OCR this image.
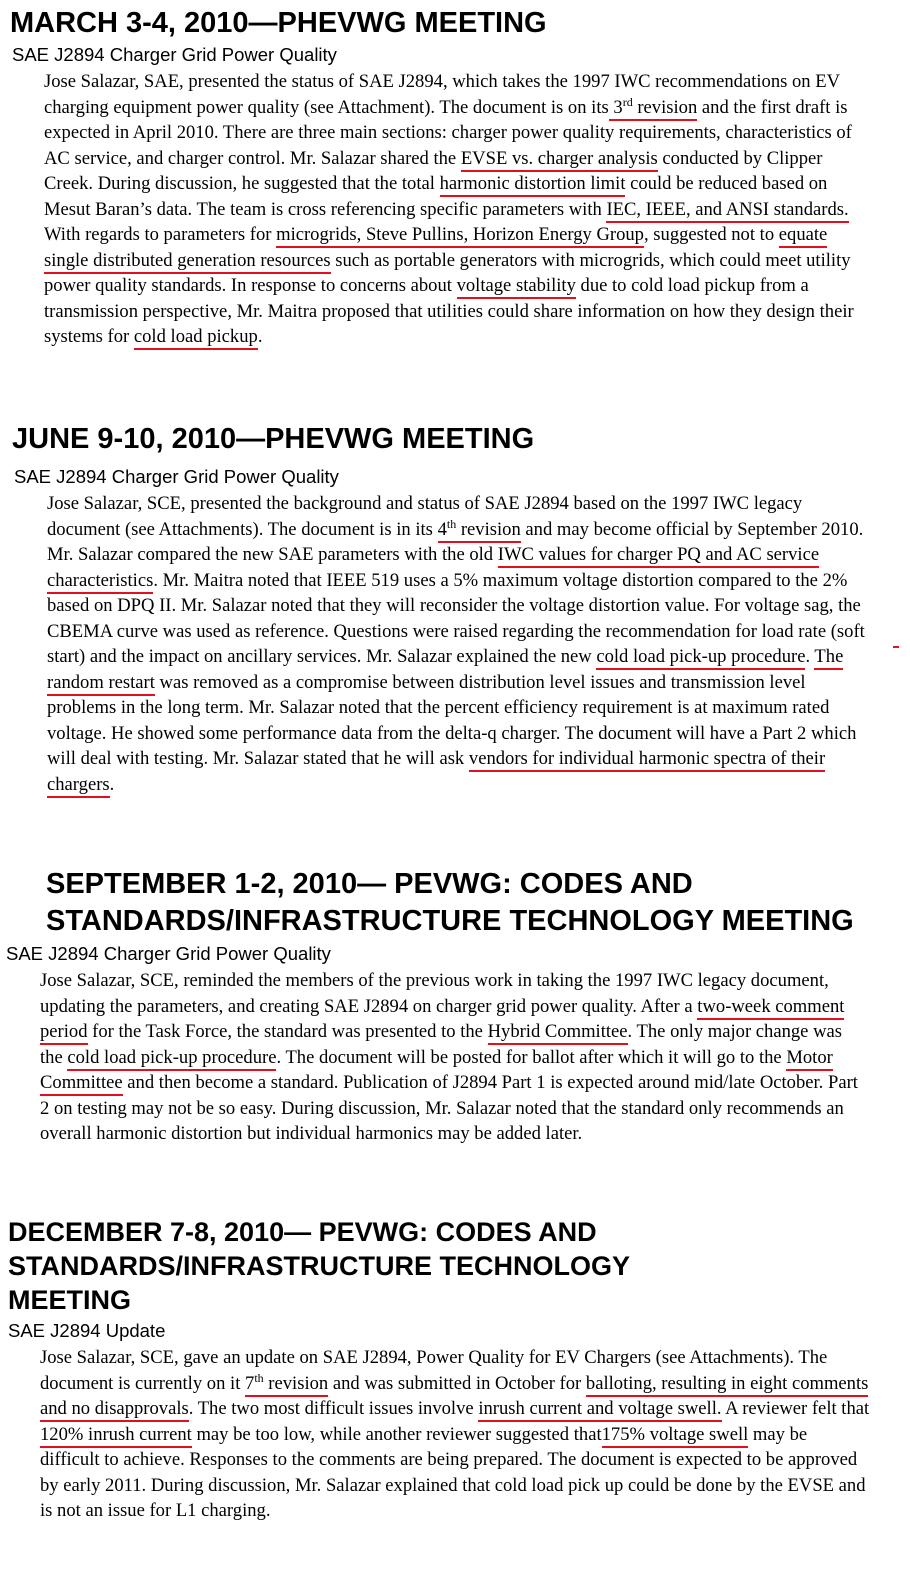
MARCH 3-4, 2010—PHEVWG MEETING
SAE J2894 Charger Grid Power Quality

Jose Salazar, SAE, presented the status of SAE J2894, which takes the 1997 IWC recommendations on EV charging equipment power quality (see Attachment). The document is on its 3rd revision and the first draft is expected in April 2010. There are three main sections: charger power quality requirements, characteristics of AC service, and charger control. Mr. Salazar shared the EVSE vs. charger analysis conducted by Clipper Creek. During discussion, he suggested that the total harmonic distortion limit could be reduced based on Mesut Baran’s data. The team is cross referencing specific parameters with IEC, IEEE, and ANSI standards. With regards to parameters for microgrids, Steve Pullins, Horizon Energy Group, suggested not to equate single distributed generation resources such as portable generators with microgrids, which could meet utility power quality standards. In response to concerns about voltage stability due to cold load pickup from a transmission perspective, Mr. Maitra proposed that utilities could share information on how they design their systems for cold load pickup.

JUNE 9-10, 2010—PHEVWG MEETING
SAE J2894 Charger Grid Power Quality

Jose Salazar, SCE, presented the background and status of SAE J2894 based on the 1997 IWC legacy document (see Attachments). The document is in its 4th revision and may become official by September 2010. Mr. Salazar compared the new SAE parameters with the old IWC values for charger PQ and AC service characteristics. Mr. Maitra noted that IEEE 519 uses a 5% maximum voltage distortion compared to the 2% based on DPQ II. Mr. Salazar noted that they will reconsider the voltage distortion value. For voltage sag, the CBEMA curve was used as reference. Questions were raised regarding the recommendation for load rate (soft start) and the impact on ancillary services. Mr. Salazar explained the new cold load pick-up procedure. The random restart was removed as a compromise between distribution level issues and transmission level problems in the long term. Mr. Salazar noted that the percent efficiency requirement is at maximum rated voltage. He showed some performance data from the delta-q charger. The document will have a Part 2 which will deal with testing. Mr. Salazar stated that he will ask vendors for individual harmonic spectra of their chargers.

SEPTEMBER 1-2, 2010— PEVWG: CODES AND STANDARDS/INFRASTRUCTURE TECHNOLOGY MEETING
SAE J2894 Charger Grid Power Quality

Jose Salazar, SCE, reminded the members of the previous work in taking the 1997 IWC legacy document, updating the parameters, and creating SAE J2894 on charger grid power quality. After a two-week comment period for the Task Force, the standard was presented to the Hybrid Committee. The only major change was the cold load pick-up procedure. The document will be posted for ballot after which it will go to the Motor Committee and then become a standard. Publication of J2894 Part 1 is expected around mid/late October. Part 2 on testing may not be so easy. During discussion, Mr. Salazar noted that the standard only recommends an overall harmonic distortion but individual harmonics may be added later.

DECEMBER 7-8, 2010— PEVWG: CODES AND STANDARDS/INFRASTRUCTURE TECHNOLOGY MEETING
SAE J2894 Update

Jose Salazar, SCE, gave an update on SAE J2894, Power Quality for EV Chargers (see Attachments). The document is currently on it 7th revision and was submitted in October for balloting, resulting in eight comments and no disapprovals. The two most difficult issues involve inrush current and voltage swell. A reviewer felt that 120% inrush current may be too low, while another reviewer suggested that175% voltage swell may be difficult to achieve. Responses to the comments are being prepared. The document is expected to be approved by early 2011. During discussion, Mr. Salazar explained that cold load pick up could be done by the EVSE and is not an issue for L1 charging.
